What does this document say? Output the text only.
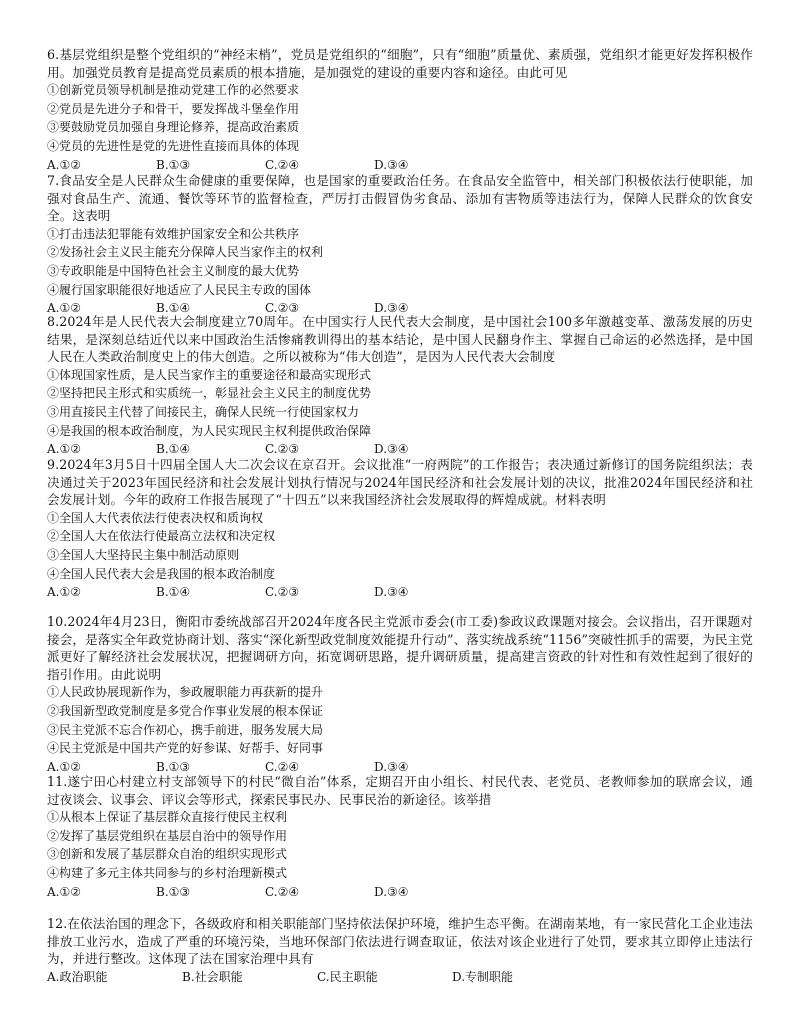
6.基层党组织是整个党组织的“神经末梢”，党员是党组织的“细胞”，只有“细胞”质量优、素质强，党组织才能更好发挥积极作用。加强党员教育是提高党员素质的根本措施，是加强党的建设的重要内容和途径。由此可见
①创新党员领导机制是推动党建工作的必然要求
②党员是先进分子和骨干，要发挥战斗堡垒作用
③要鼓励党员加强自身理论修养，提高政治素质
④党员的先进性是党的先进性直接而具体的体现
A.①②	B.①③	C.②④	D.③④
7.食品安全是人民群众生命健康的重要保障，也是国家的重要政治任务。在食品安全监管中，相关部门积极依法行使职能，加强对食品生产、流通、餐饮等环节的监督检查，严厉打击假冒伪劣食品、添加有害物质等违法行为，保障人民群众的饮食安全。这表明
①打击违法犯罪能有效维护国家安全和公共秩序
②发扬社会主义民主能充分保障人民当家作主的权利
③专政职能是中国特色社会主义制度的最大优势
④履行国家职能很好地适应了人民民主专政的国体
A.①②	B.①④	C.②③	D.③④
8.2024年是人民代表大会制度建立70周年。在中国实行人民代表大会制度，是中国社会100多年激越变革、激荡发展的历史结果，是深刻总结近代以来中国政治生活惨痛教训得出的基本结论，是中国人民翻身作主、掌握自己命运的必然选择，是中国人民在人类政治制度史上的伟大创造。之所以被称为“伟大创造”，是因为人民代表大会制度
①体现国家性质，是人民当家作主的重要途径和最高实现形式
②坚持把民主形式和实质统一，彰显社会主义民主的制度优势
③用直接民主代替了间接民主，确保人民统一行使国家权力
④是我国的根本政治制度，为人民实现民主权利提供政治保障
A.①②	B.①④	C.②③	D.③④
9.2024年3月5日十四届全国人大二次会议在京召开。会议批准“一府两院”的工作报告；表决通过新修订的国务院组织法；表决通过关于2023年国民经济和社会发展计划执行情况与2024年国民经济和社会发展计划的决议，批准2024年国民经济和社会发展计划。今年的政府工作报告展现了“十四五”以来我国经济社会发展取得的辉煌成就。材料表明
①全国人大代表依法行使表决权和质询权
②全国人大在依法行使最高立法权和决定权
③全国人大坚持民主集中制活动原则
④全国人民代表大会是我国的根本政治制度
A.①②	B.①④	C.②③	D.③④
10.2024年4月23日，衡阳市委统战部召开2024年度各民主党派市委会(市工委)参政议政课题对接会。会议指出，召开课题对接会，是落实全年政党协商计划、落实“深化新型政党制度效能提升行动”、落实统战系统“1156”突破性抓手的需要，为民主党派更好了解经济社会发展状况，把握调研方向，拓宽调研思路，提升调研质量，提高建言资政的针对性和有效性起到了很好的指引作用。由此说明
①人民政协展现新作为，参政履职能力再获新的提升
②我国新型政党制度是多党合作事业发展的根本保证
③民主党派不忘合作初心，携手前进，服务发展大局
④民主党派是中国共产党的好参谋、好帮手、好同事
A.①②	B.①③	C.②④	D.③④
11.遂宁田心村建立村支部领导下的村民“微自治”体系，定期召开由小组长、村民代表、老党员、老教师参加的联席会议，通过夜谈会、议事会、评议会等形式，探索民事民办、民事民治的新途径。该举措
①从根本上保证了基层群众直接行使民主权利
②发挥了基层党组织在基层自治中的领导作用
③创新和发展了基层群众自治的组织实现形式
④构建了多元主体共同参与的乡村治理新模式
A.①②	B.①③	C.②④	D.③④
12.在依法治国的理念下，各级政府和相关职能部门坚持依法保护环境，维护生态平衡。在湖南某地，有一家民营化工企业违法排放工业污水，造成了严重的环境污染，当地环保部门依法进行调查取证，依法对该企业进行了处罚，要求其立即停止违法行为，并进行整改。这体现了法在国家治理中具有
A.政治职能	B.社会职能	C.民主职能	D.专制职能
